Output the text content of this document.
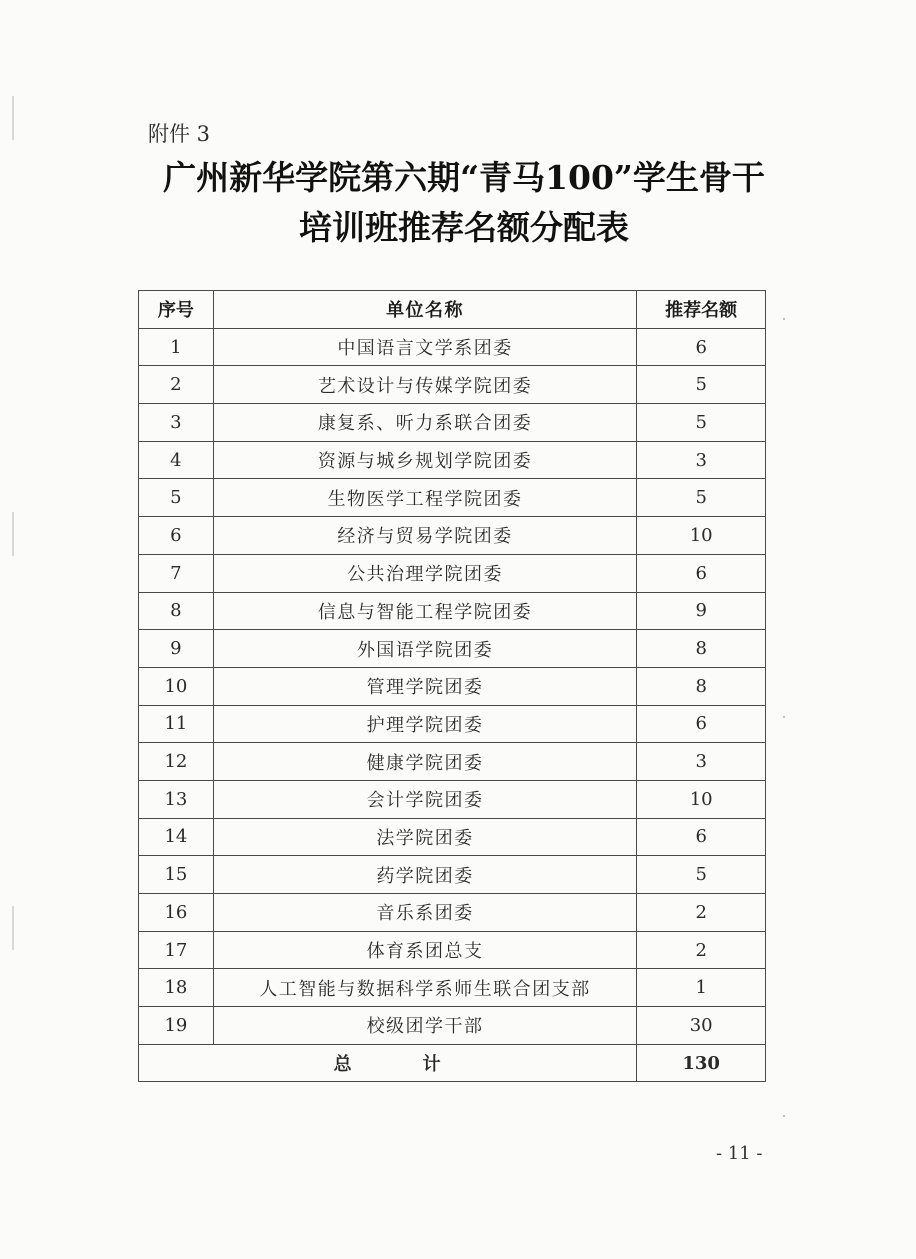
附件 3
广州新华学院第六期“青马100”学生骨干
培训班推荐名额分配表
序号	单位名称	推荐名额
1	中国语言文学系团委	6
2	艺术设计与传媒学院团委	5
3	康复系、听力系联合团委	5
4	资源与城乡规划学院团委	3
5	生物医学工程学院团委	5
6	经济与贸易学院团委	10
7	公共治理学院团委	6
8	信息与智能工程学院团委	9
9	外国语学院团委	8
10	管理学院团委	8
11	护理学院团委	6
12	健康学院团委	3
13	会计学院团委	10
14	法学院团委	6
15	药学院团委	5
16	音乐系团委	2
17	体育系团总支	2
18	人工智能与数据科学系师生联合团支部	1
19	校级团学干部	30
总 计		130
- 11 -
